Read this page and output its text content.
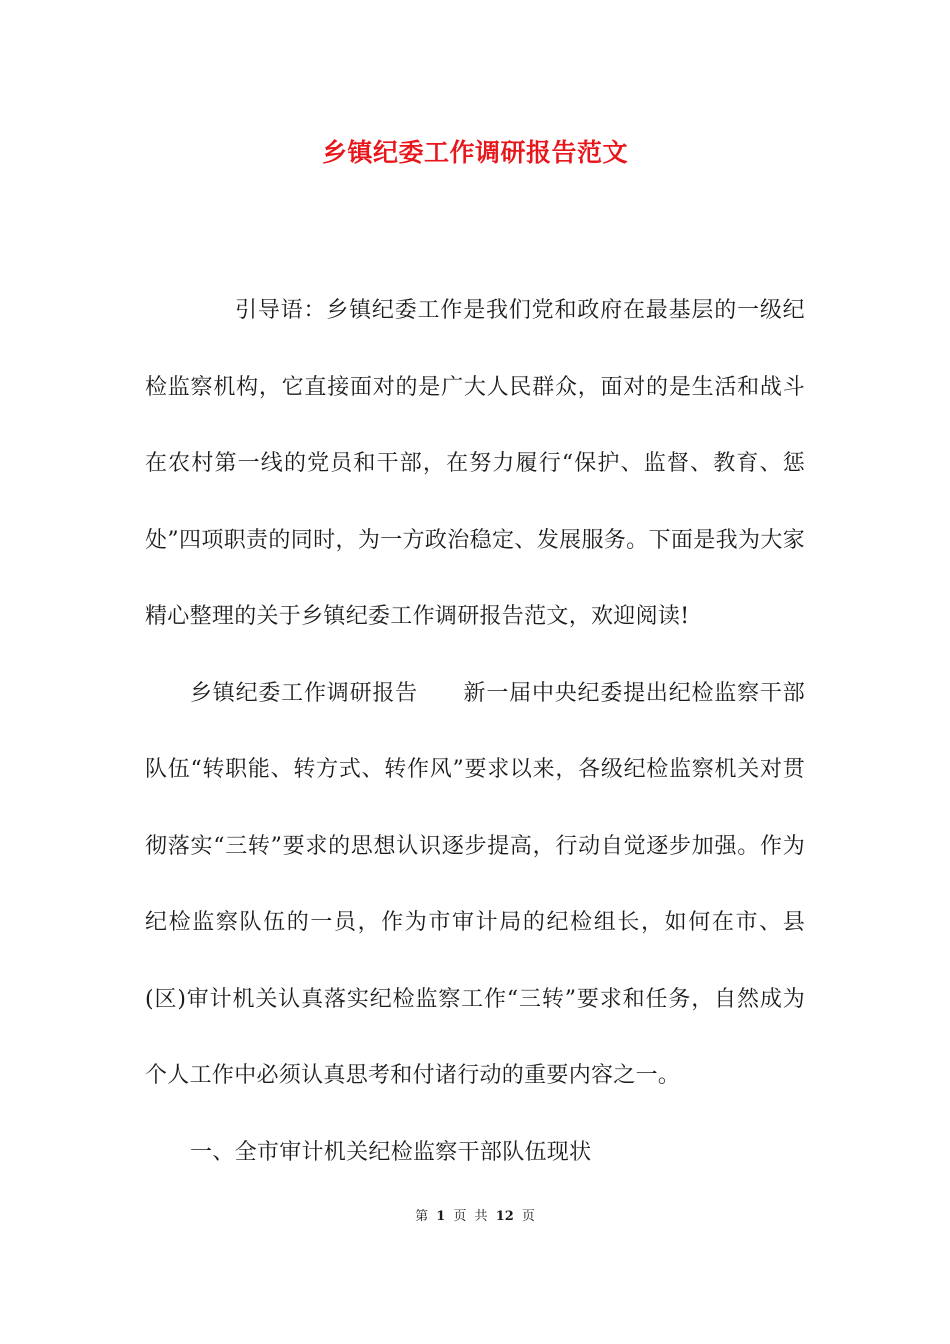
乡镇纪委工作调研报告范文

引导语：乡镇纪委工作是我们党和政府在最基层的一级纪检监察机构，它直接面对的是广大人民群众，面对的是生活和战斗在农村第一线的党员和干部，在努力履行“保护、监督、教育、惩处”四项职责的同时，为一方政治稳定、发展服务。下面是我为大家精心整理的关于乡镇纪委工作调研报告范文，欢迎阅读!

乡镇纪委工作调研报告　　新一届中央纪委提出纪检监察干部队伍“转职能、转方式、转作风”要求以来，各级纪检监察机关对贯彻落实“三转”要求的思想认识逐步提高，行动自觉逐步加强。作为纪检监察队伍的一员，作为市审计局的纪检组长，如何在市、县(区)审计机关认真落实纪检监察工作“三转”要求和任务，自然成为个人工作中必须认真思考和付诸行动的重要内容之一。

一、全市审计机关纪检监察干部队伍现状

第 1 页 共 12 页
